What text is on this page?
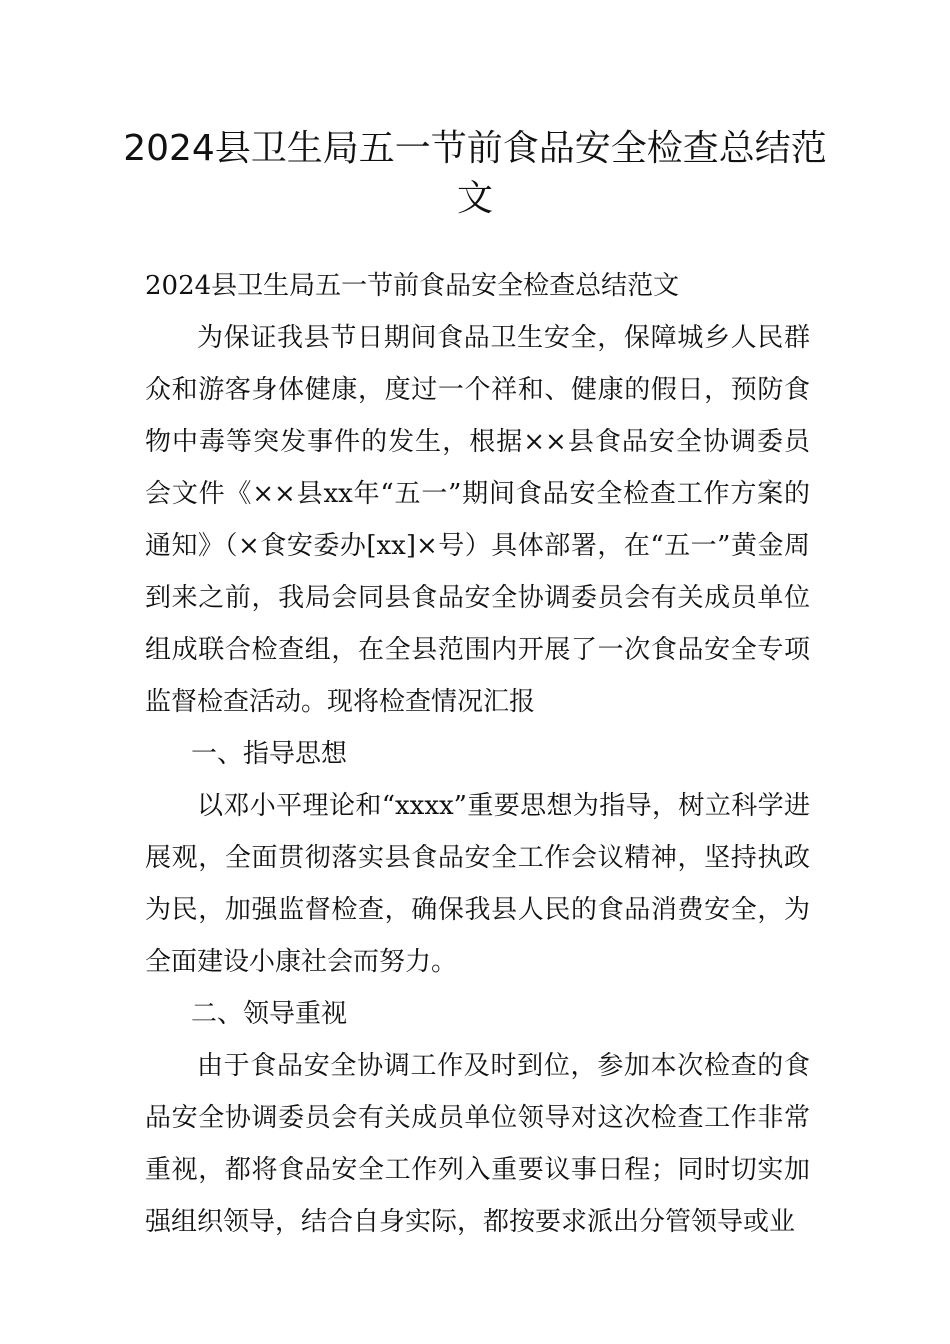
2024县卫生局五一节前食品安全检查总结范文

2024县卫生局五一节前食品安全检查总结范文

为保证我县节日期间食品卫生安全，保障城乡人民群众和游客身体健康，度过一个祥和、健康的假日，预防食物中毒等突发事件的发生，根据××县食品安全协调委员会文件《××县xx年“五一”期间食品安全检查工作方案的通知》（×食安委办[xx]×号）具体部署，在“五一”黄金周到来之前，我局会同县食品安全协调委员会有关成员单位组成联合检查组，在全县范围内开展了一次食品安全专项监督检查活动。现将检查情况汇报

一、指导思想

以邓小平理论和“xxxx”重要思想为指导，树立科学进展观，全面贯彻落实县食品安全工作会议精神，坚持执政为民，加强监督检查，确保我县人民的食品消费安全，为全面建设小康社会而努力。

二、领导重视

由于食品安全协调工作及时到位，参加本次检查的食品安全协调委员会有关成员单位领导对这次检查工作非常重视，都将食品安全工作列入重要议事日程；同时切实加强组织领导，结合自身实际，都按要求派出分管领导或业
